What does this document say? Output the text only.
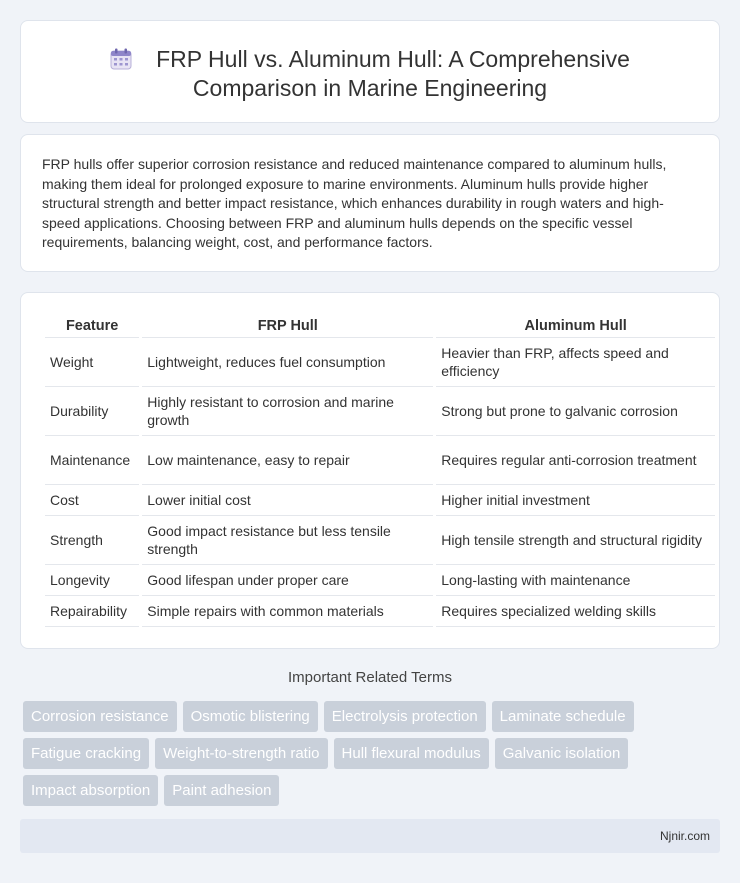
FRP Hull vs. Aluminum Hull: A Comprehensive
Comparison in Marine Engineering

FRP hulls offer superior corrosion resistance and reduced maintenance compared to aluminum hulls, making them ideal for prolonged exposure to marine environments. Aluminum hulls provide higher structural strength and better impact resistance, which enhances durability in rough waters and high-speed applications. Choosing between FRP and aluminum hulls depends on the specific vessel requirements, balancing weight, cost, and performance factors.

Feature	FRP Hull	Aluminum Hull
Weight	Lightweight, reduces fuel consumption	Heavier than FRP, affects speed and efficiency
Durability	Highly resistant to corrosion and marine growth	Strong but prone to galvanic corrosion
Maintenance	Low maintenance, easy to repair	Requires regular anti-corrosion treatment
Cost	Lower initial cost	Higher initial investment
Strength	Good impact resistance but less tensile strength	High tensile strength and structural rigidity
Longevity	Good lifespan under proper care	Long-lasting with maintenance
Repairability	Simple repairs with common materials	Requires specialized welding skills
Important Related Terms
Corrosion resistance	Osmotic blistering	Electrolysis protection	Laminate schedule
Fatigue cracking	Weight-to-strength ratio	Hull flexural modulus	Galvanic isolation
Impact absorption	Paint adhesion
Njnir.com
